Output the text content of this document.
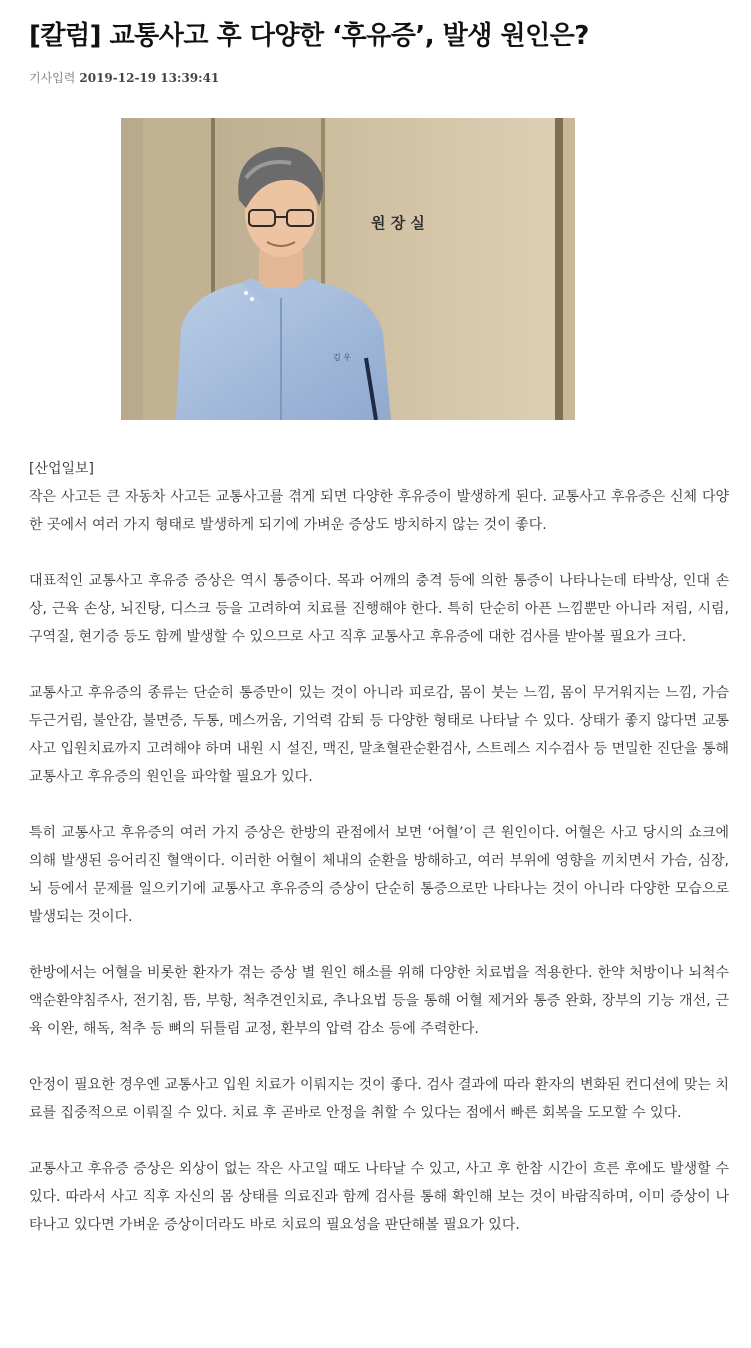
[칼럼] 교통사고 후 다양한 ‘후유증’, 발생 원인은?
기사입력 2019-12-19 13:39:41
원 장 실
김 우

[산업일보]

작은 사고든 큰 자동차 사고든 교통사고를 겪게 되면 다양한 후유증이 발생하게 된다. 교통사고 후유증은 신체 다양한 곳에서 여러 가지 형태로 발생하게 되기에 가벼운 증상도 방치하지 않는 것이 좋다.

대표적인 교통사고 후유증 증상은 역시 통증이다. 목과 어깨의 충격 등에 의한 통증이 나타나는데 타박상, 인대 손상, 근육 손상, 뇌진탕, 디스크 등을 고려하여 치료를 진행해야 한다. 특히 단순히 아픈 느낌뿐만 아니라 저림, 시림, 구역질, 현기증 등도 함께 발생할 수 있으므로 사고 직후 교통사고 후유증에 대한 검사를 받아볼 필요가 크다.

교통사고 후유증의 종류는 단순히 통증만이 있는 것이 아니라 피로감, 몸이 붓는 느낌, 몸이 무거워지는 느낌, 가슴 두근거림, 불안감, 불면증, 두통, 메스꺼움, 기억력 감퇴 등 다양한 형태로 나타날 수 있다. 상태가 좋지 않다면 교통사고 입원치료까지 고려해야 하며 내원 시 설진, 맥진, 말초혈관순환검사, 스트레스 지수검사 등 면밀한 진단을 통해 교통사고 후유증의 원인을 파악할 필요가 있다.

특히 교통사고 후유증의 여러 가지 증상은 한방의 관점에서 보면 ‘어혈’이 큰 원인이다. 어혈은 사고 당시의 쇼크에 의해 발생된 응어리진 혈액이다. 이러한 어혈이 체내의 순환을 방해하고, 여러 부위에 영향을 끼치면서 가슴, 심장, 뇌 등에서 문제를 일으키기에 교통사고 후유증의 증상이 단순히 통증으로만 나타나는 것이 아니라 다양한 모습으로 발생되는 것이다.

한방에서는 어혈을 비롯한 환자가 겪는 증상 별 원인 해소를 위해 다양한 치료법을 적용한다. 한약 처방이나 뇌척수액순환약침주사, 전기침, 뜸, 부항, 척추견인치료, 추나요법 등을 통해 어혈 제거와 통증 완화, 장부의 기능 개선, 근육 이완, 해독, 척추 등 뼈의 뒤틀림 교정, 환부의 압력 감소 등에 주력한다.

안정이 필요한 경우엔 교통사고 입원 치료가 이뤄지는 것이 좋다. 검사 결과에 따라 환자의 변화된 컨디션에 맞는 치료를 집중적으로 이뤄질 수 있다. 치료 후 곧바로 안정을 취할 수 있다는 점에서 빠른 회복을 도모할 수 있다.

교통사고 후유증 증상은 외상이 없는 작은 사고일 때도 나타날 수 있고, 사고 후 한참 시간이 흐른 후에도 발생할 수 있다. 따라서 사고 직후 자신의 몸 상태를 의료진과 함께 검사를 통해 확인해 보는 것이 바람직하며, 이미 증상이 나타나고 있다면 가벼운 증상이더라도 바로 치료의 필요성을 판단해볼 필요가 있다.
